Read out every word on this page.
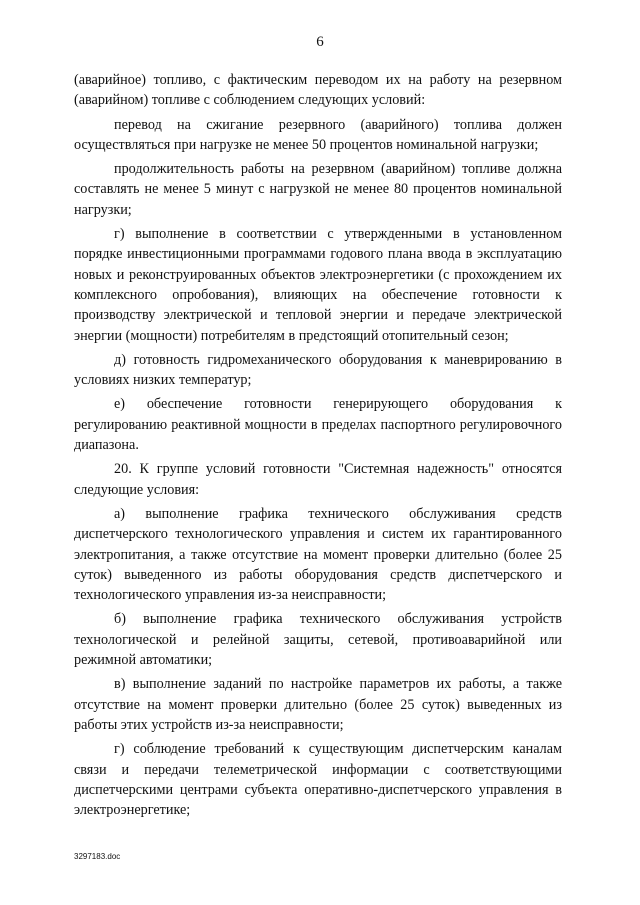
6

(аварийное) топливо, с фактическим переводом их на работу на резервном (аварийном) топливе с соблюдением следующих условий:

перевод на сжигание резервного (аварийного) топлива должен осуществляться при нагрузке не менее 50 процентов номинальной нагрузки;

продолжительность работы на резервном (аварийном) топливе должна составлять не менее 5 минут с нагрузкой не менее 80 процентов номинальной нагрузки;

г) выполнение в соответствии с утвержденными в установленном порядке инвестиционными программами годового плана ввода в эксплуатацию новых и реконструированных объектов электроэнергетики (с прохождением их комплексного опробования), влияющих на обеспечение готовности к производству электрической и тепловой энергии и передаче электрической энергии (мощности) потребителям в предстоящий отопительный сезон;

д) готовность гидромеханического оборудования к маневрированию в условиях низких температур;

е) обеспечение готовности генерирующего оборудования к регулированию реактивной мощности в пределах паспортного регулировочного диапазона.

20. К группе условий готовности "Системная надежность" относятся следующие условия:

а) выполнение графика технического обслуживания средств диспетчерского технологического управления и систем их гарантированного электропитания, а также отсутствие на момент проверки длительно (более 25 суток) выведенного из работы оборудования средств диспетчерского и технологического управления из-за неисправности;

б) выполнение графика технического обслуживания устройств технологической и релейной защиты, сетевой, противоаварийной или режимной автоматики;

в) выполнение заданий по настройке параметров их работы, а также отсутствие на момент проверки длительно (более 25 суток) выведенных из работы этих устройств из-за неисправности;

г) соблюдение требований к существующим диспетчерским каналам связи и передачи телеметрической информации с соответствующими диспетчерскими центрами субъекта оперативно-диспетчерского управления в электроэнергетике;

3297183.doc
